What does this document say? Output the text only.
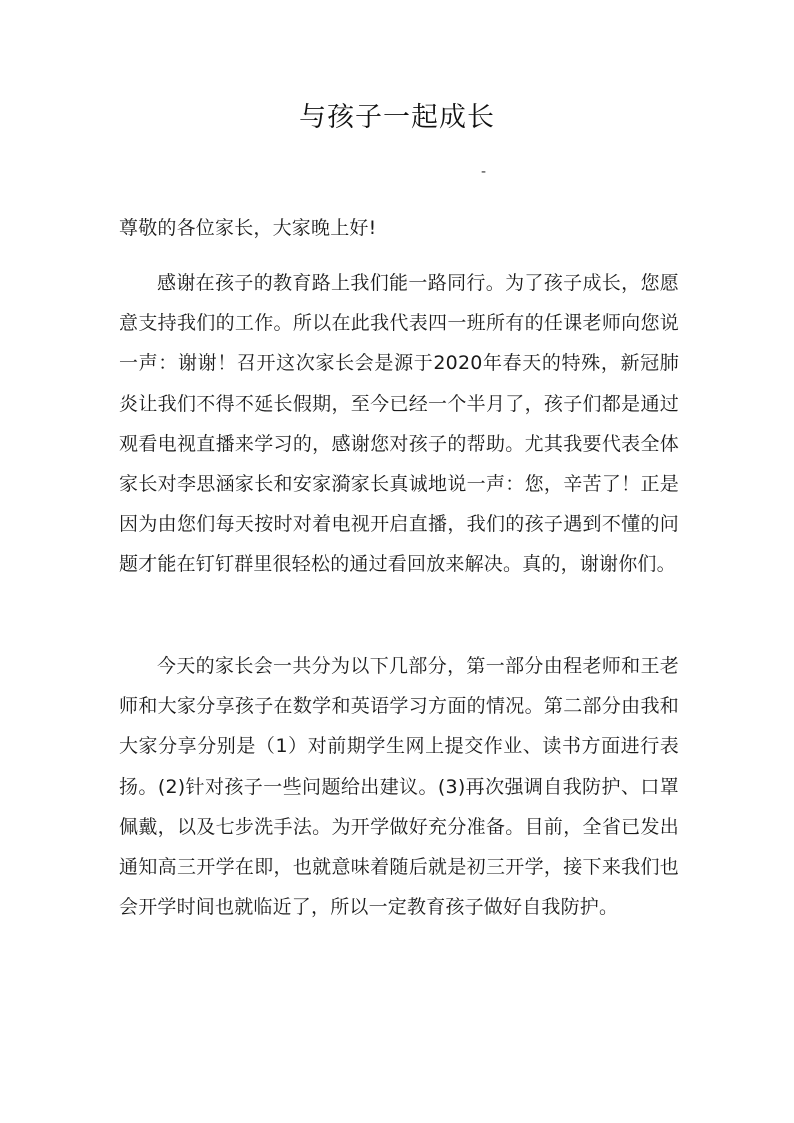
与孩子一起成长
-

尊敬的各位家长，大家晚上好!

感谢在孩子的教育路上我们能一路同行。为了孩子成长，您愿意支持我们的工作。所以在此我代表四一班所有的任课老师向您说一声：谢谢！召开这次家长会是源于2020年春天的特殊，新冠肺炎让我们不得不延长假期，至今已经一个半月了，孩子们都是通过观看电视直播来学习的，感谢您对孩子的帮助。尤其我要代表全体家长对李思涵家长和安家漪家长真诚地说一声：您，辛苦了！正是因为由您们每天按时对着电视开启直播，我们的孩子遇到不懂的问题才能在钉钉群里很轻松的通过看回放来解决。真的，谢谢你们。

今天的家长会一共分为以下几部分，第一部分由程老师和王老师和大家分享孩子在数学和英语学习方面的情况。第二部分由我和大家分享分别是（1）对前期学生网上提交作业、读书方面进行表扬。(2)针对孩子一些问题给出建议。(3)再次强调自我防护、口罩佩戴，以及七步洗手法。为开学做好充分准备。目前，全省已发出通知高三开学在即，也就意味着随后就是初三开学，接下来我们也会开学时间也就临近了，所以一定教育孩子做好自我防护。
